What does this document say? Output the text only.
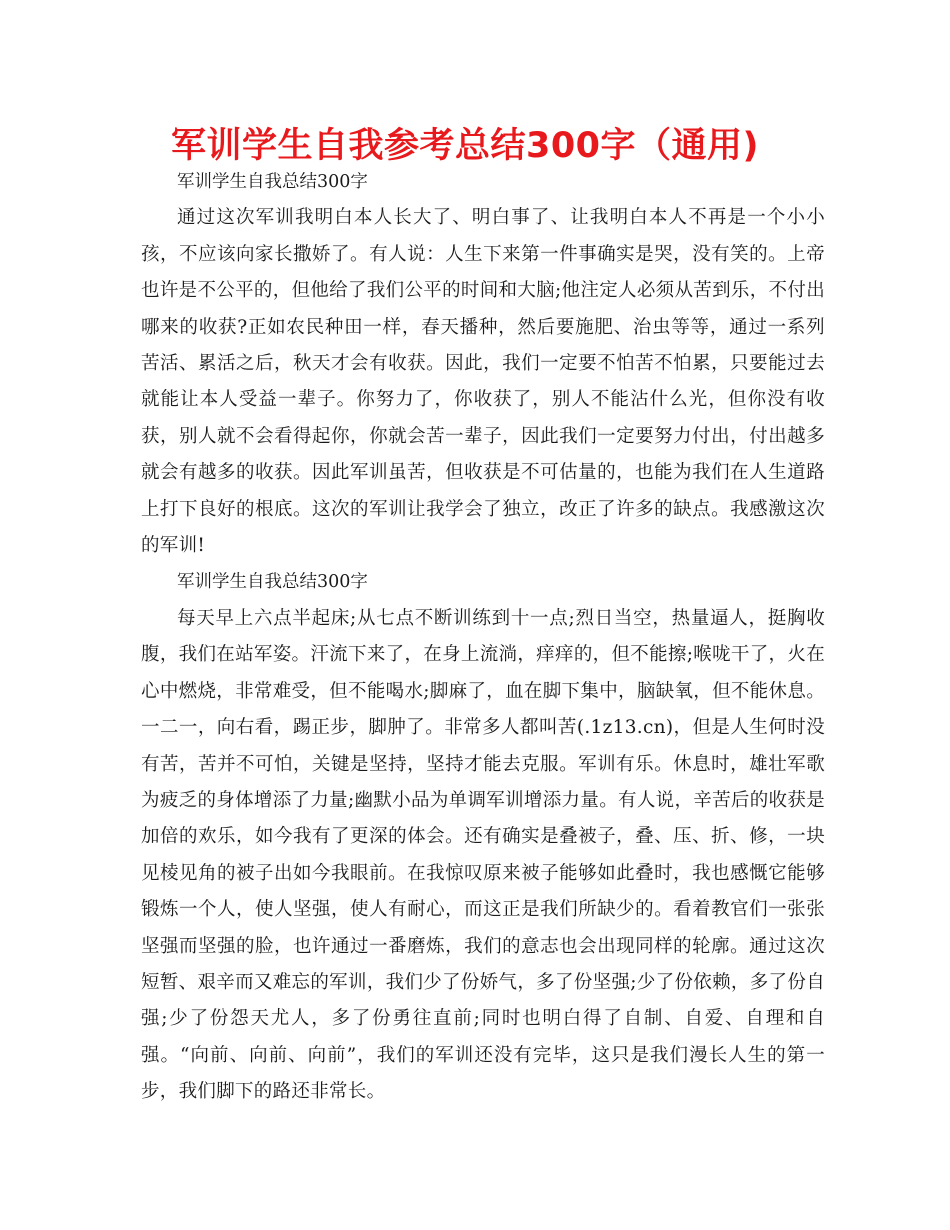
军训学生自我参考总结300字（通用)

军训学生自我总结300字

通过这次军训我明白本人长大了、明白事了、让我明白本人不再是一个小小孩，不应该向家长撒娇了。有人说：人生下来第一件事确实是哭，没有笑的。上帝也许是不公平的，但他给了我们公平的时间和大脑;他注定人必须从苦到乐，不付出哪来的收获?正如农民种田一样，春天播种，然后要施肥、治虫等等，通过一系列苦活、累活之后，秋天才会有收获。因此，我们一定要不怕苦不怕累，只要能过去就能让本人受益一辈子。你努力了，你收获了，别人不能沾什么光，但你没有收获，别人就不会看得起你，你就会苦一辈子，因此我们一定要努力付出，付出越多就会有越多的收获。因此军训虽苦，但收获是不可估量的，也能为我们在人生道路上打下良好的根底。这次的军训让我学会了独立，改正了许多的缺点。我感激这次的军训!

军训学生自我总结300字

每天早上六点半起床;从七点不断训练到十一点;烈日当空，热量逼人，挺胸收腹，我们在站军姿。汗流下来了，在身上流淌，痒痒的，但不能擦;喉咙干了，火在心中燃烧，非常难受，但不能喝水;脚麻了，血在脚下集中，脑缺氧，但不能休息。一二一，向右看，踢正步，脚肿了。非常多人都叫苦(.1z13.cn)，但是人生何时没有苦，苦并不可怕，关键是坚持，坚持才能去克服。军训有乐。休息时，雄壮军歌为疲乏的身体增添了力量;幽默小品为单调军训增添力量。有人说，辛苦后的收获是加倍的欢乐，如今我有了更深的体会。还有确实是叠被子，叠、压、折、修，一块见棱见角的被子出如今我眼前。在我惊叹原来被子能够如此叠时，我也感慨它能够锻炼一个人，使人坚强，使人有耐心，而这正是我们所缺少的。看着教官们一张张坚强而坚强的脸，也许通过一番磨炼，我们的意志也会出现同样的轮廓。通过这次短暂、艰辛而又难忘的军训，我们少了份娇气，多了份坚强;少了份依赖，多了份自强;少了份怨天尤人，多了份勇往直前;同时也明白得了自制、自爱、自理和自强。“向前、向前、向前”，我们的军训还没有完毕，这只是我们漫长人生的第一步，我们脚下的路还非常长。
